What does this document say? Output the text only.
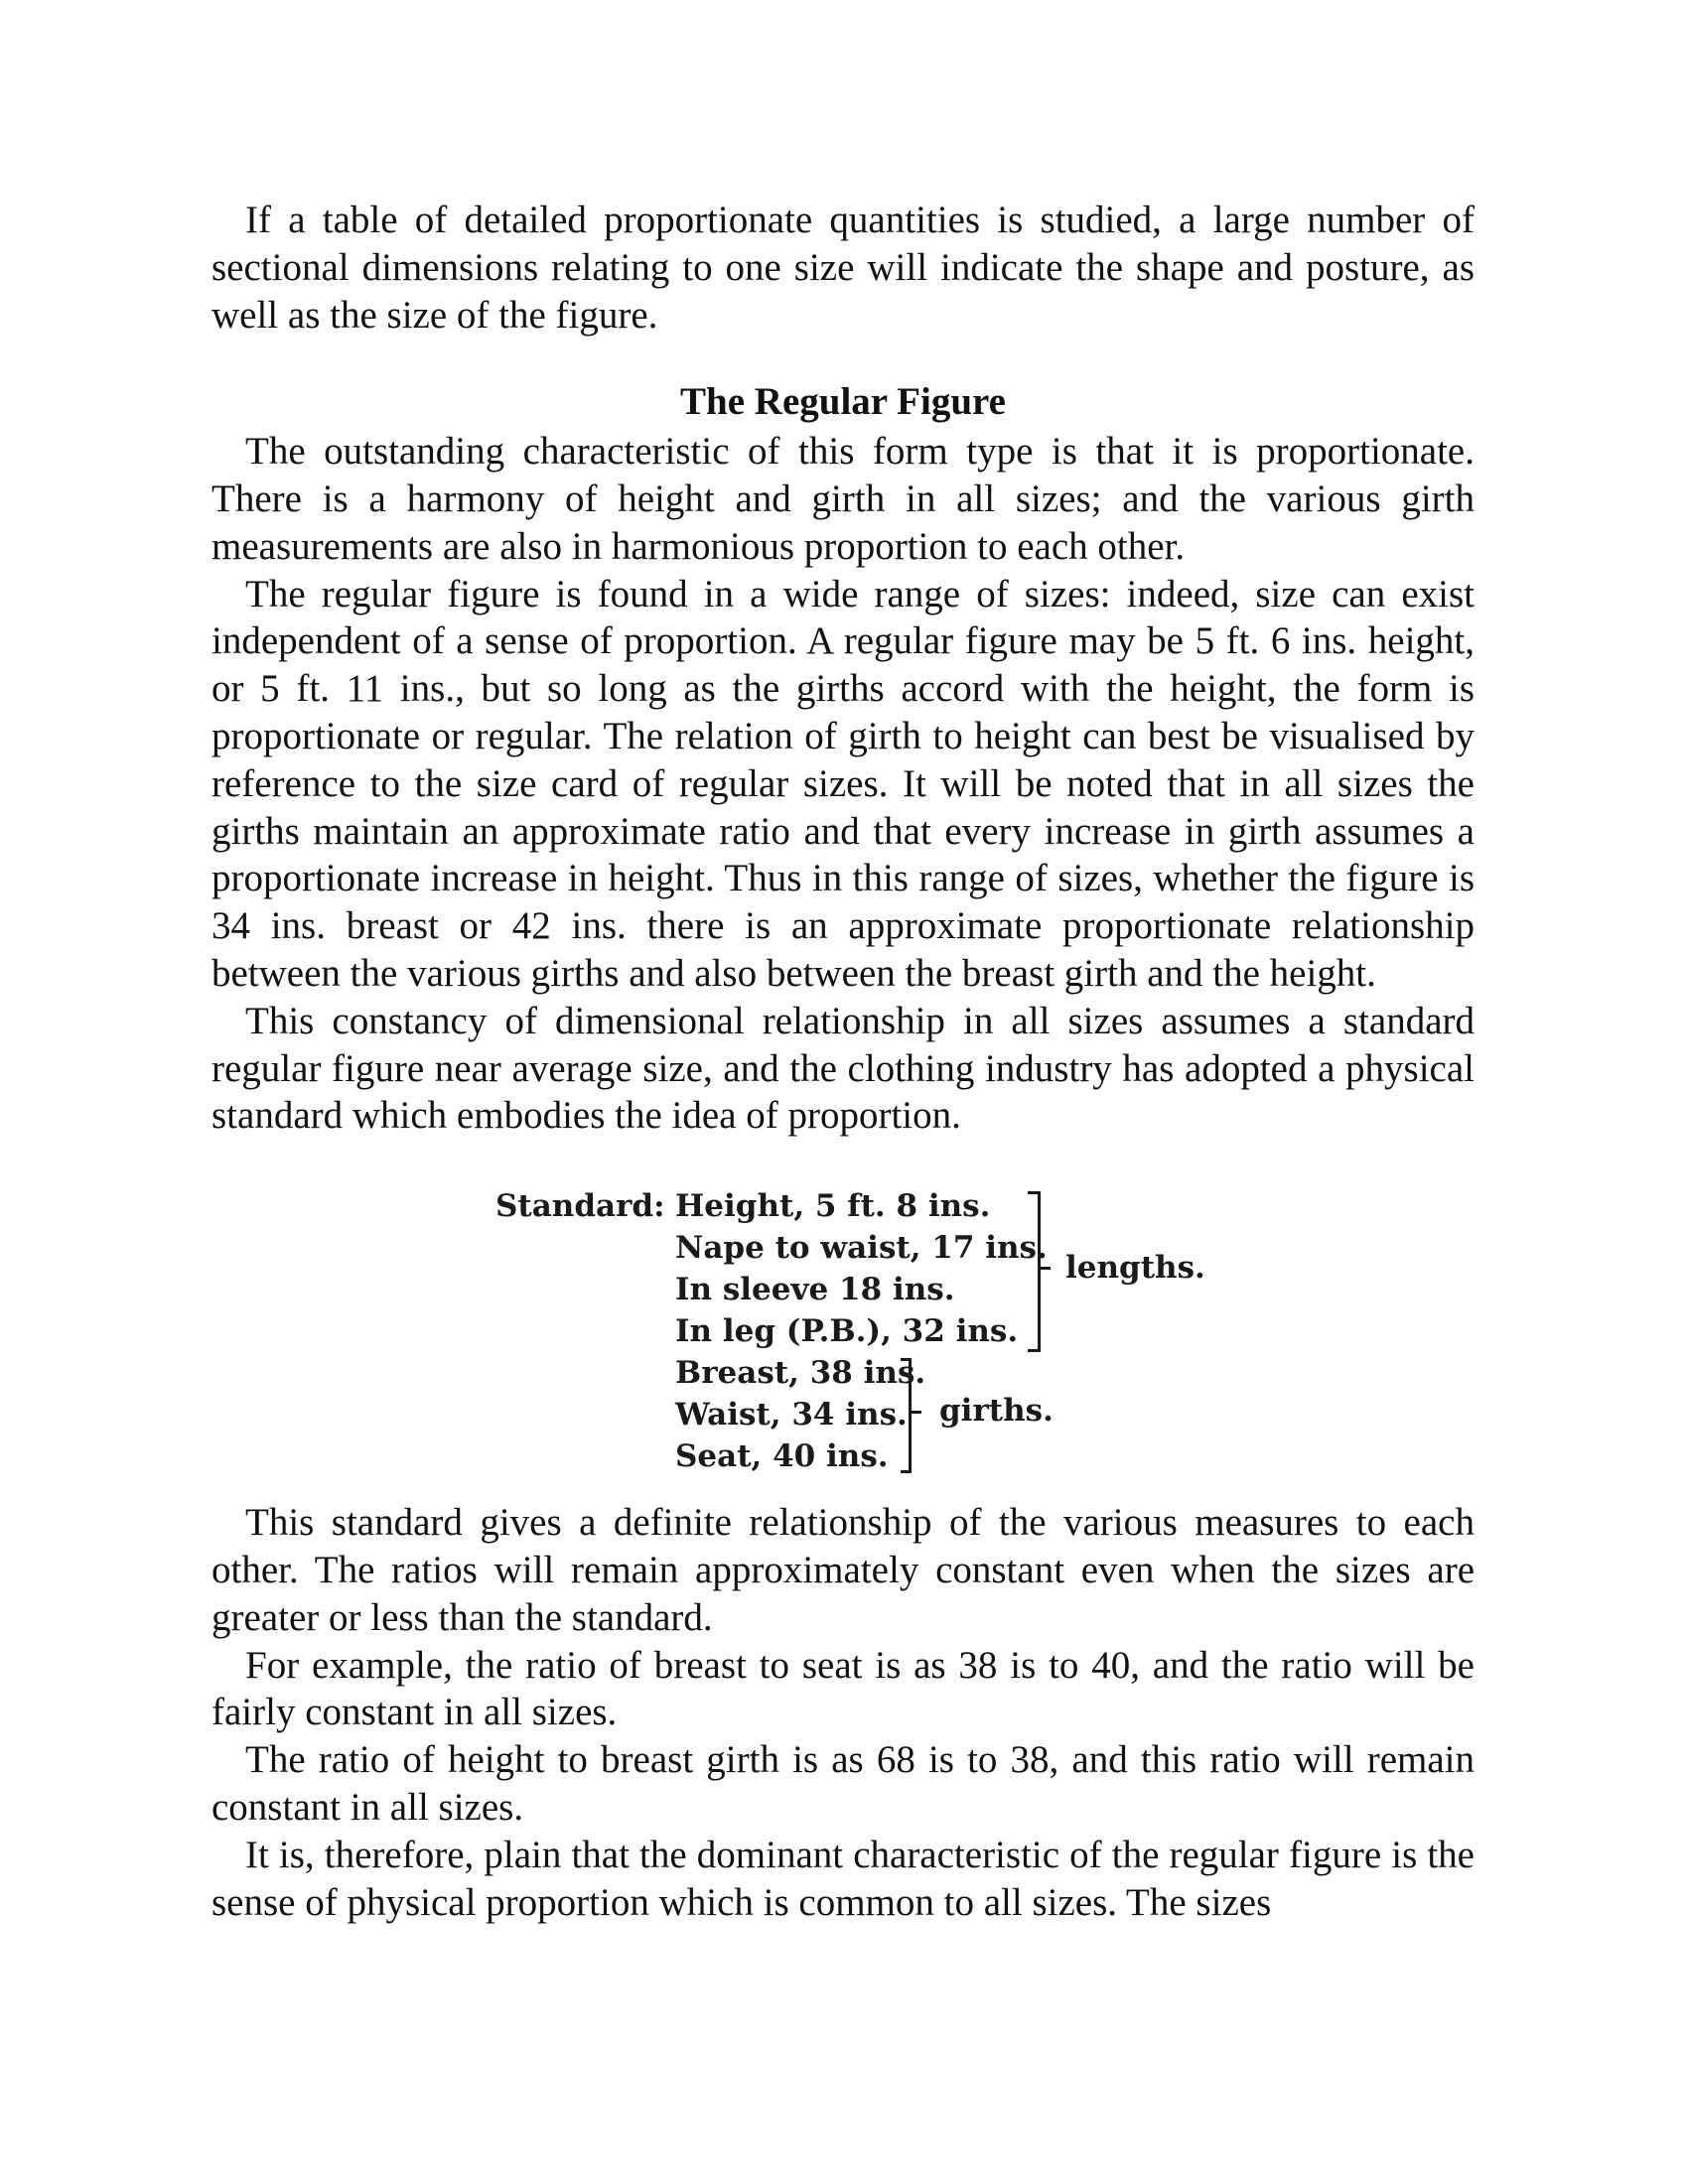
If a table of detailed proportionate quantities is studied, a large number of sectional dimensions relating to one size will indicate the shape and posture, as well as the size of the figure.

The Regular Figure

The outstanding characteristic of this form type is that it is proportionate. There is a harmony of height and girth in all sizes; and the various girth measurements are also in harmonious proportion to each other.

The regular figure is found in a wide range of sizes: indeed, size can exist independent of a sense of proportion. A regular figure may be 5 ft. 6 ins. height, or 5 ft. 11 ins., but so long as the girths accord with the height, the form is proportionate or regular. The relation of girth to height can best be visualised by reference to the size card of regular sizes. It will be noted that in all sizes the girths maintain an approximate ratio and that every increase in girth assumes a proportionate increase in height. Thus in this range of sizes, whether the figure is 34 ins. breast or 42 ins. there is an approximate proportionate relationship between the various girths and also between the breast girth and the height.

This constancy of dimensional relationship in all sizes assumes a standard regular figure near average size, and the clothing industry has adopted a physical standard which embodies the idea of proportion.

Standard: Height, 5 ft. 8 ins.
Nape to waist, 17 ins.
In sleeve 18 ins.
In leg (P.B.), 32 ins.
Breast, 38 ins.
Waist, 34 ins.
Seat, 40 ins.
lengths.
girths.

This standard gives a definite relationship of the various measures to each other. The ratios will remain approximately constant even when the sizes are greater or less than the standard.

For example, the ratio of breast to seat is as 38 is to 40, and the ratio will be fairly constant in all sizes.

The ratio of height to breast girth is as 68 is to 38, and this ratio will remain constant in all sizes.

It is, therefore, plain that the dominant characteristic of the regular figure is the sense of physical proportion which is common to all sizes. The sizes
